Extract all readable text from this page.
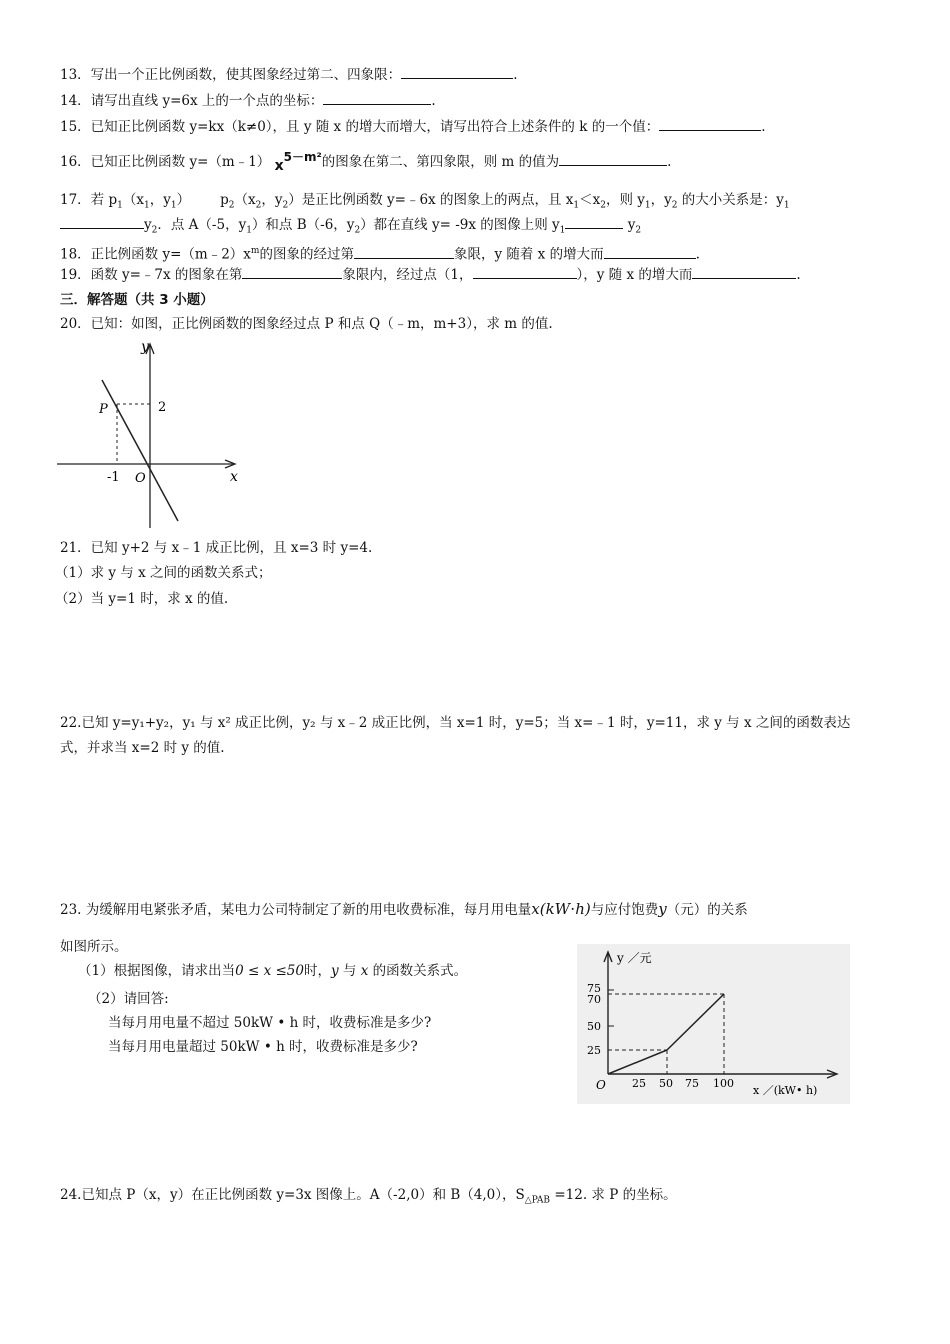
13．写出一个正比例函数，使其图象经过第二、四象限：	.
14．请写出直线 y=6x 上的一个点的坐标：	.
15．已知正比例函数 y=kx（k≠0），且 y 随 x 的增大而增大，请写出符合上述条件的 k 的一个值：	.
16．已知正比例函数 y=（m﹣1） x5－m²的图象在第二、第四象限，则 m 的值为	.
17．若 $p_1(x_1$，$y_1$） $p_2(x_2$，$y_2$）是正比例函数 y=﹣6x 的图象上的两点，且 $x_1<x_2$，则 $y_1$，$y_2$ 的大小关系是：$y_1$
$y_2$．点 A（-5，$y_1$）和点 B（-6，$y_2$）都在直线 y= -9x 的图像上则 $y_1$	$y_2$
18．正比例函数 $y=(m﹣2)x^m$的图象的经过第	象限，y 随着 x 的增大而	.
19．函数 y=﹣7x 的图象在第	象限内，经过点（1，	），y 随 x 的增大而	.
三．解答题（共 3 小题）
20．已知：如图，正比例函数的图象经过点 P 和点 Q（﹣m，m+3），求 m 的值.
y
x
P	2
-1 O
21．已知 y+2 与 x﹣1 成正比例，且 x=3 时 y=4.
（1）求 y 与 x 之间的函数关系式；
（2）当 y=1 时，求 x 的值.
22.已知 y=y₁+y₂，y₁ 与 x² 成正比例，y₂ 与 x﹣2 成正比例，当 x=1 时，y=5；当 x=﹣1 时，y=11，求 y 与 x 之间的函数表达
式，并求当 x=2 时 y 的值.
23. 为缓解用电紧张矛盾，某电力公司特制定了新的用电收费标准，每月用电量x(kW⋅h)与应付饱费y（元）的关系
如图所示。
（1）根据图像，请求出当0 ≤ x ≤50时，y 与 x 的函数关系式。
（2）请回答:
当每月用电量不超过 50kW • h 时，收费标准是多少?
当每月用电量超过 50kW • h 时，收费标准是多少?
y ／元
75
70
50
25
O 25 50 75 100
x ／(kW• h)
24.已知点 P（x，y）在正比例函数 y=3x 图像上。A（-2,0）和 B（4,0），$S_{\triangle PAB} =12$. 求 P 的坐标。
